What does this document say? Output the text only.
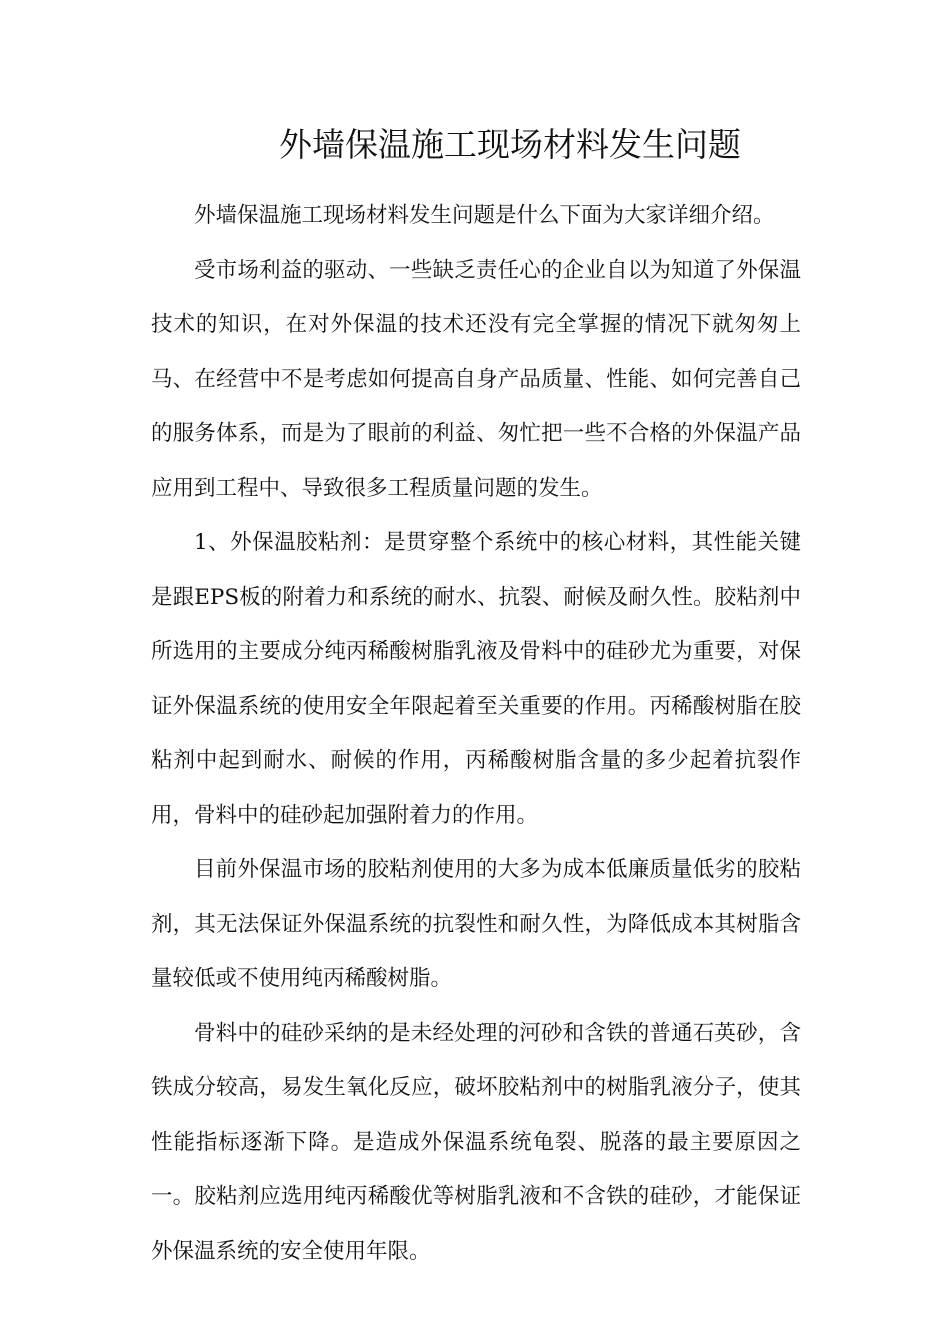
外墙保温施工现场材料发生问题

外墙保温施工现场材料发生问题是什么下面为大家详细介绍。

受市场利益的驱动、一些缺乏责任心的企业自以为知道了外保温技术的知识，在对外保温的技术还没有完全掌握的情况下就匆匆上马、在经营中不是考虑如何提高自身产品质量、性能、如何完善自己的服务体系，而是为了眼前的利益、匆忙把一些不合格的外保温产品应用到工程中、导致很多工程质量问题的发生。

1、外保温胶粘剂：是贯穿整个系统中的核心材料，其性能关键是跟EPS板的附着力和系统的耐水、抗裂、耐候及耐久性。胶粘剂中所选用的主要成分纯丙稀酸树脂乳液及骨料中的硅砂尤为重要，对保证外保温系统的使用安全年限起着至关重要的作用。丙稀酸树脂在胶粘剂中起到耐水、耐候的作用，丙稀酸树脂含量的多少起着抗裂作用，骨料中的硅砂起加强附着力的作用。

目前外保温市场的胶粘剂使用的大多为成本低廉质量低劣的胶粘剂，其无法保证外保温系统的抗裂性和耐久性，为降低成本其树脂含量较低或不使用纯丙稀酸树脂。

骨料中的硅砂采纳的是未经处理的河砂和含铁的普通石英砂，含铁成分较高，易发生氧化反应，破坏胶粘剂中的树脂乳液分子，使其性能指标逐渐下降。是造成外保温系统龟裂、脱落的最主要原因之一。胶粘剂应选用纯丙稀酸优等树脂乳液和不含铁的硅砂，才能保证外保温系统的安全使用年限。
